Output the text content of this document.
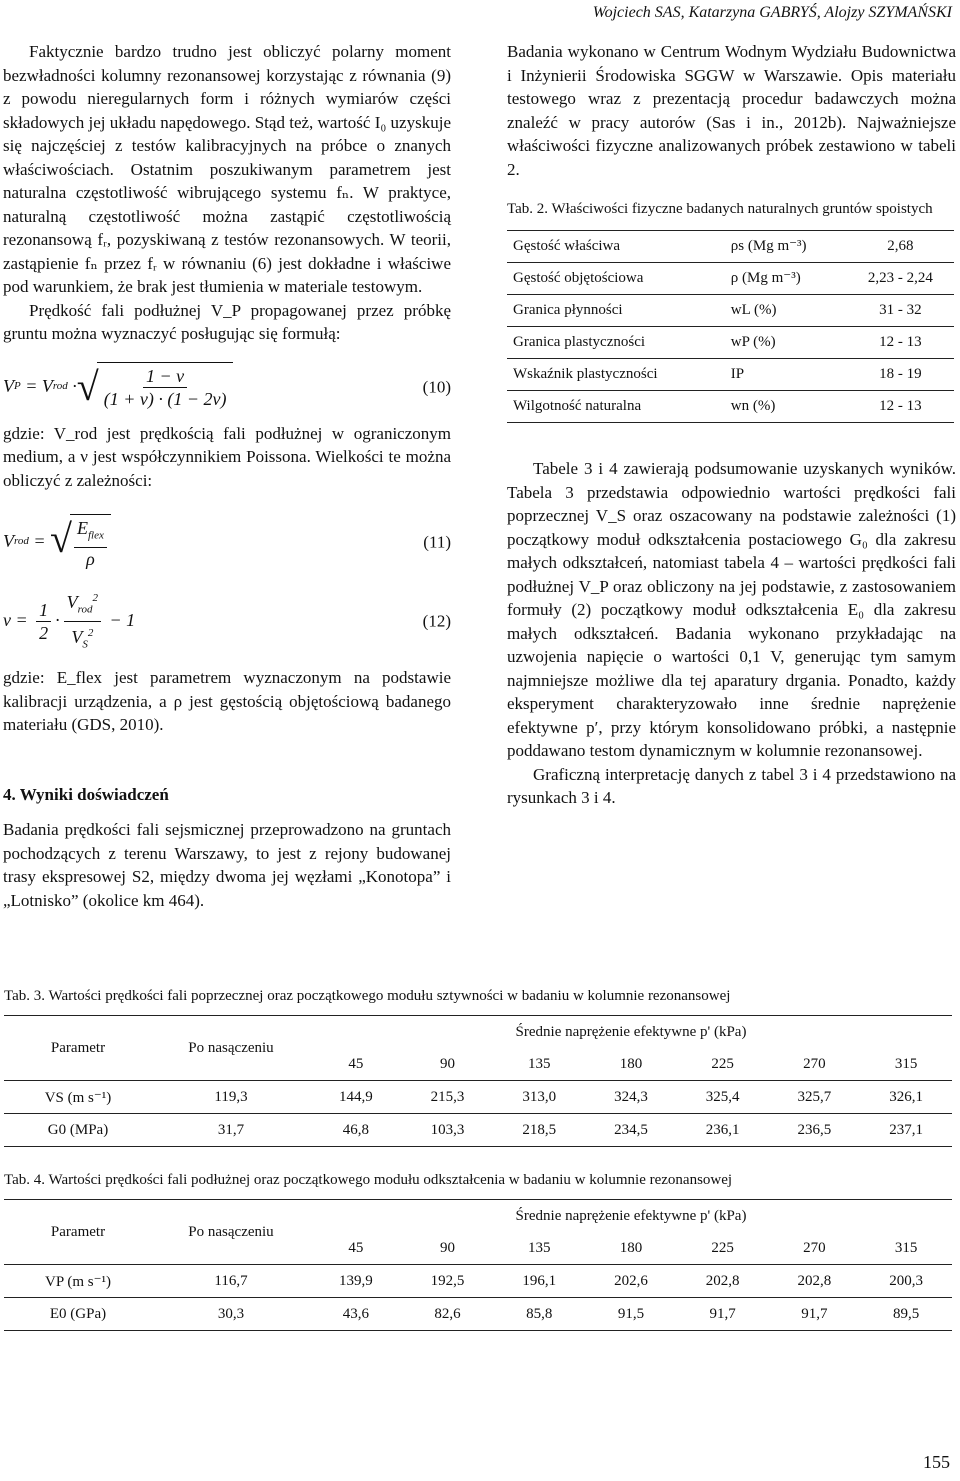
Wojciech SAS, Katarzyna GABRYŚ, Alojzy SZYMAŃSKI

Faktycznie bardzo trudno jest obliczyć polarny moment bezwładności kolumny rezonansowej korzystając z równania (9) z powodu nieregularnych form i różnych wymiarów części składowych jej układu napędowego. Stąd też, wartość I₀ uzyskuje się najczęściej z testów kalibracyjnych na próbce o znanych właściwościach. Ostatnim poszukiwanym parametrem jest naturalna częstotliwość wibrującego systemu fₙ. W praktyce, naturalną częstotliwość można zastąpić częstotliwością rezonansową fᵣ, pozyskiwaną z testów rezonansowych. W teorii, zastąpienie fₙ przez fᵣ w równaniu (6) jest dokładne i właściwe pod warunkiem, że brak jest tłumienia w materiale testowym.

Prędkość fali podłużnej V_P propagowanej przez próbkę gruntu można wyznaczyć posługując się formułą:

V P = V rod · √ $\frac{1 - \nu}{(1 + \nu) \cdot (1 - 2\nu)}$	(10)

gdzie: V_rod jest prędkością fali podłużnej w ograniczonym medium, a ν jest współczynnikiem Poissona. Wielkości te można obliczyć z zależności:

V rod = √ $\frac{E_{flex}}{\rho}$	(11)
$\nu = \frac{1}{2} \cdot \frac{V_{rod}^2}{V_S^2} - 1$	(12)

gdzie: E_flex jest parametrem wyznaczonym na podstawie kalibracji urządzenia, a ρ jest gęstością objętościową badanego materiału (GDS, 2010).

4. Wyniki doświadczeń

Badania prędkości fali sejsmicznej przeprowadzono na gruntach pochodzących z terenu Warszawy, to jest z rejony budowanej trasy ekspresowej S2, między dwoma jej węzłami „Konotopa” i „Lotnisko” (okolice km 464).

Badania wykonano w Centrum Wodnym Wydziału Budownictwa i Inżynierii Środowiska SGGW w Warszawie. Opis materiału testowego wraz z prezentacją procedur badawczych można znaleźć w pracy autorów (Sas i in., 2012b). Najważniejsze właściwości fizyczne analizowanych próbek zestawiono w tabeli 2.

Tab. 2. Właściwości fizyczne badanych naturalnych gruntów spoistych

Gęstość właściwa	ρs (Mg m⁻³)	2,68
Gęstość objętościowa	ρ (Mg m⁻³)	2,23 - 2,24
Granica płynności	wL (%)	31 - 32
Granica plastyczności	wP (%)	12 - 13
Wskaźnik plastyczności	IP	18 - 19
Wilgotność naturalna	wn (%)	12 - 13

Tabele 3 i 4 zawierają podsumowanie uzyskanych wyników. Tabela 3 przedstawia odpowiednio wartości prędkości fali poprzecznej V_S oraz oszacowany na podstawie zależności (1) początkowy moduł odkształcenia postaciowego G₀ dla zakresu małych odkształceń, natomiast tabela 4 – wartości prędkości fali podłużnej V_P oraz obliczony na jej podstawie, z zastosowaniem formuły (2) początkowy moduł odkształcenia E₀ dla zakresu małych odkształceń. Badania wykonano przykładając na uzwojenia napięcie o wartości 0,1 V, generując tym samym najmniejsze możliwe dla tej aparatury drgania. Ponadto, każdy eksperyment charakteryzowało inne średnie naprężenie efektywne p′, przy którym konsolidowano próbki, a następnie poddawano testom dynamicznym w kolumnie rezonansowej.

Graficzną interpretację danych z tabel 3 i 4 przedstawiono na rysunkach 3 i 4.

Tab. 3. Wartości prędkości fali poprzecznej oraz początkowego modułu sztywności w badaniu w kolumnie rezonansowej
Parametr	Po nasączeniu	Średnie naprężenie efektywne p' (kPa)						
		45	90	135	180	225	270	315
VS (m s⁻¹)	119,3	144,9	215,3	313,0	324,3	325,4	325,7	326,1
G0 (MPa)	31,7	46,8	103,3	218,5	234,5	236,1	236,5	237,1
Tab. 4. Wartości prędkości fali podłużnej oraz początkowego modułu odkształcenia w badaniu w kolumnie rezonansowej
Parametr	Po nasączeniu	Średnie naprężenie efektywne p' (kPa)						
		45	90	135	180	225	270	315
VP (m s⁻¹)	116,7	139,9	192,5	196,1	202,6	202,8	202,8	200,3
E0 (GPa)	30,3	43,6	82,6	85,8	91,5	91,7	91,7	89,5
155
